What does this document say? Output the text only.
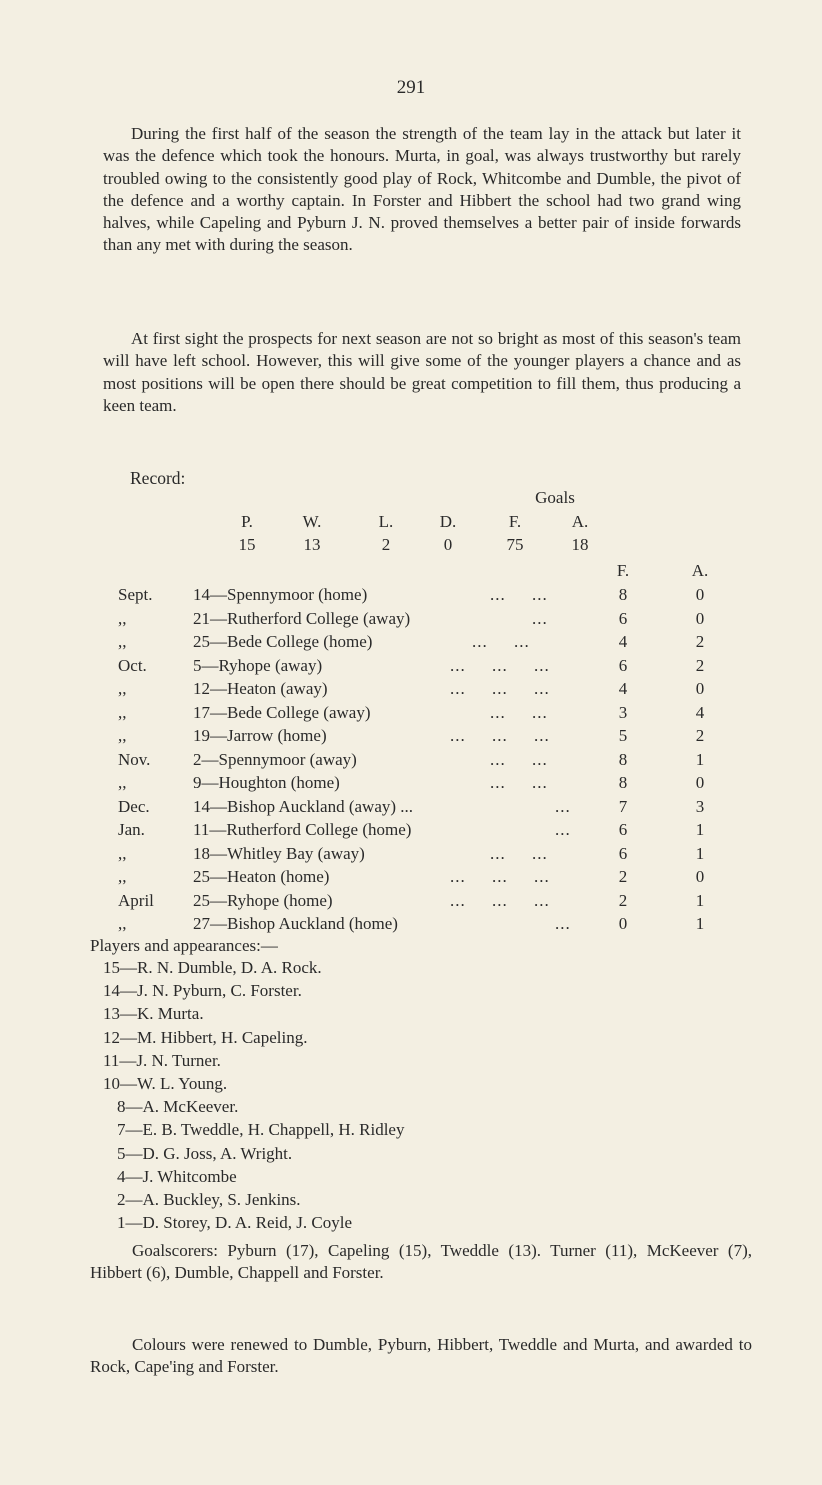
291

During the first half of the season the strength of the team lay in the attack but later it was the defence which took the honours. Murta, in goal, was always trustworthy but rarely troubled owing to the consistently good play of Rock, Whitcombe and Dumble, the pivot of the defence and a worthy captain. In Forster and Hibbert the school had two grand wing halves, while Capeling and Pyburn J. N. proved themselves a better pair of inside forwards than any met with during the season.

At first sight the prospects for next season are not so bright as most of this season's team will have left school. However, this will give some of the younger players a chance and as most positions will be open there should be great competition to fill them, thus producing a keen team.

Record:
Goals
P.	W.	L.	D.	F.	A.
15	13	2	0	75	18
F.	A.
Sept.	14—Spennymoor (home)	...     ...	8	0
,,	21—Rutherford College (away)	...	6	0
,,	25—Bede College (home)	...     ...	4	2
Oct.	5—Ryhope (away)	...     ...     ...	6	2
,,	12—Heaton (away)	...     ...     ...	4	0
,,	17—Bede College (away)	...     ...	3	4
,,	19—Jarrow (home)	...     ...     ...	5	2
Nov.	2—Spennymoor (away)	...     ...	8	1
,,	9—Houghton (home)	...     ...	8	0
Dec.	14—Bishop Auckland (away) ...	...	7	3
Jan.	11—Rutherford College (home)	...	6	1
,,	18—Whitley Bay (away)	...     ...	6	1
,,	25—Heaton (home)	...     ...     ...	2	0
April	25—Ryhope (home)	...     ...     ...	2	1
,,	27—Bishop Auckland (home)	...	0	1
Players and appearances:—
15—R. N. Dumble, D. A. Rock.
14—J. N. Pyburn, C. Forster.
13—K. Murta.
12—M. Hibbert, H. Capeling.
11—J. N. Turner.
10—W. L. Young.
8—A. McKeever.
7—E. B. Tweddle, H. Chappell, H. Ridley
5—D. G. Joss, A. Wright.
4—J. Whitcombe
2—A. Buckley, S. Jenkins.
1—D. Storey, D. A. Reid, J. Coyle

Goalscorers: Pyburn (17), Capeling (15), Tweddle (13). Turner (11), McKeever (7), Hibbert (6), Dumble, Chappell and Forster.

Colours were renewed to Dumble, Pyburn, Hibbert, Tweddle and Murta, and awarded to Rock, Cape'ing and Forster.
